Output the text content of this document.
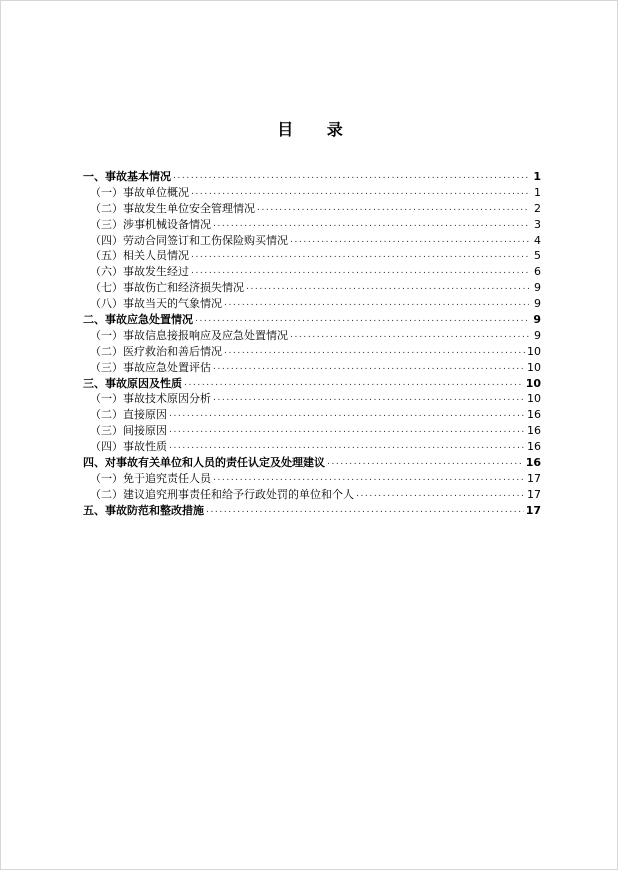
目 录
一、事故基本情况 .....	1
（一）事故单位概况 .....	1
（二）事故发生单位安全管理情况 .....	2
（三）涉事机械设备情况 .....	3
（四）劳动合同签订和工伤保险购买情况 .....	4
（五）相关人员情况 .....	5
（六）事故发生经过 .....	6
（七）事故伤亡和经济损失情况 .....	9
（八）事故当天的气象情况 .....	9
二、事故应急处置情况 .....	9
（一）事故信息接报响应及应急处置情况 .....	9
（二）医疗救治和善后情况 .....	10
（三）事故应急处置评估 .....	10
三、事故原因及性质 .....	10
（一）事故技术原因分析 .....	10
（二）直接原因 .....	16
（三）间接原因 .....	16
（四）事故性质 .....	16
四、对事故有关单位和人员的责任认定及处理建议 .....	16
（一）免于追究责任人员 .....	17
（二）建议追究刑事责任和给予行政处罚的单位和个人 .....	17
五、事故防范和整改措施 .....	17
